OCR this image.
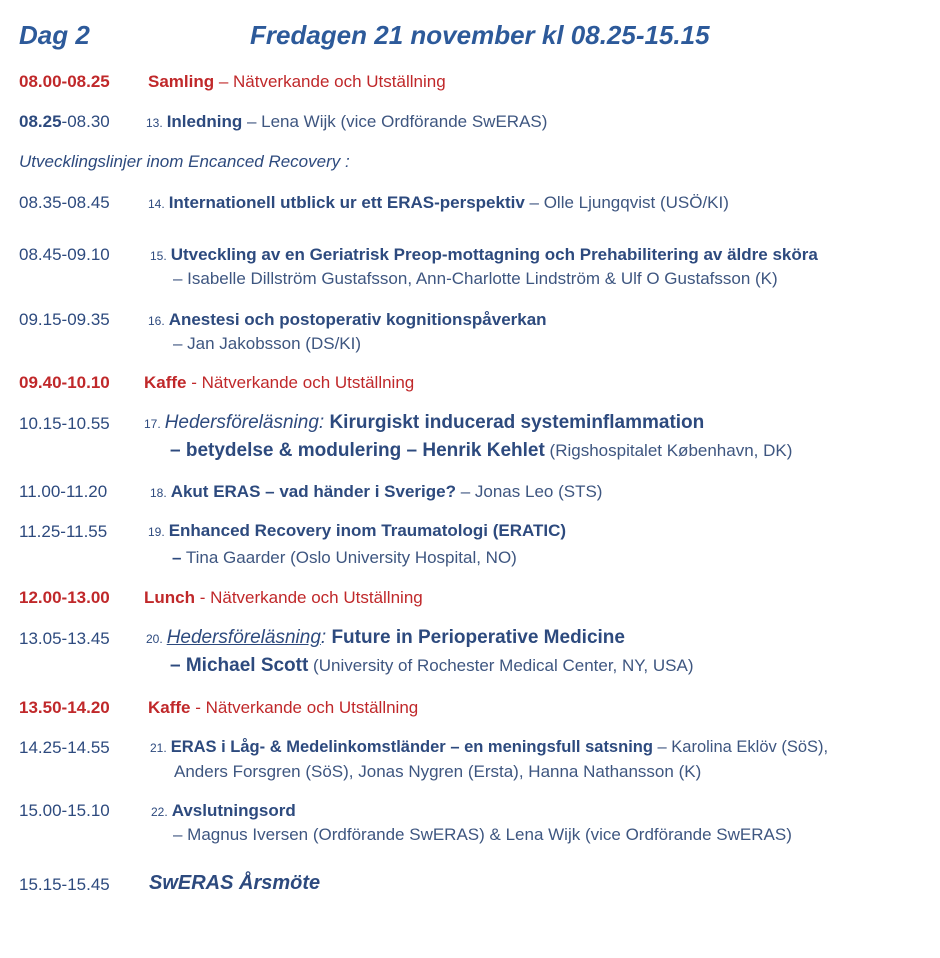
Dag 2	Fredagen 21 november kl 08.25-15.15
08.00-08.25 Samling – Nätverkande och Utställning
08.25-08.30	13. Inledning – Lena Wijk (vice Ordförande SwERAS)
Utvecklingslinjer inom Encanced Recovery :
08.35-08.45	14. Internationell utblick ur ett ERAS-perspektiv – Olle Ljungqvist (USÖ/KI)
08.45-09.10	15. Utveckling av en Geriatrisk Preop-mottagning och Prehabilitering av äldre sköra
– Isabelle Dillström Gustafsson, Ann-Charlotte Lindström & Ulf O Gustafsson (K)
09.15-09.35	16. Anestesi och postoperativ kognitionspåverkan
– Jan Jakobsson (DS/KI)
09.40-10.10 Kaffe - Nätverkande och Utställning
10.15-10.55	17. Hedersföreläsning: Kirurgiskt inducerad systeminflammation
– betydelse & modulering – Henrik Kehlet (Rigshospitalet København, DK)
11.00-11.20	18. Akut ERAS – vad händer i Sverige? – Jonas Leo (STS)
11.25-11.55	19. Enhanced Recovery inom Traumatologi (ERATIC)
– Tina Gaarder (Oslo University Hospital, NO)
12.00-13.00 Lunch - Nätverkande och Utställning
13.05-13.45	20. Hedersföreläsning: Future in Perioperative Medicine
– Michael Scott (University of Rochester Medical Center, NY, USA)
13.50-14.20 Kaffe - Nätverkande och Utställning
14.25-14.55	21. ERAS i Låg- & Medelinkomstländer – en meningsfull satsning – Karolina Eklöv (SöS),
Anders Forsgren (SöS), Jonas Nygren (Ersta), Hanna Nathansson (K)
15.00-15.10	22. Avslutningsord
– Magnus Iversen (Ordförande SwERAS) & Lena Wijk (vice Ordförande SwERAS)
15.15-15.45 SwERAS Årsmöte
